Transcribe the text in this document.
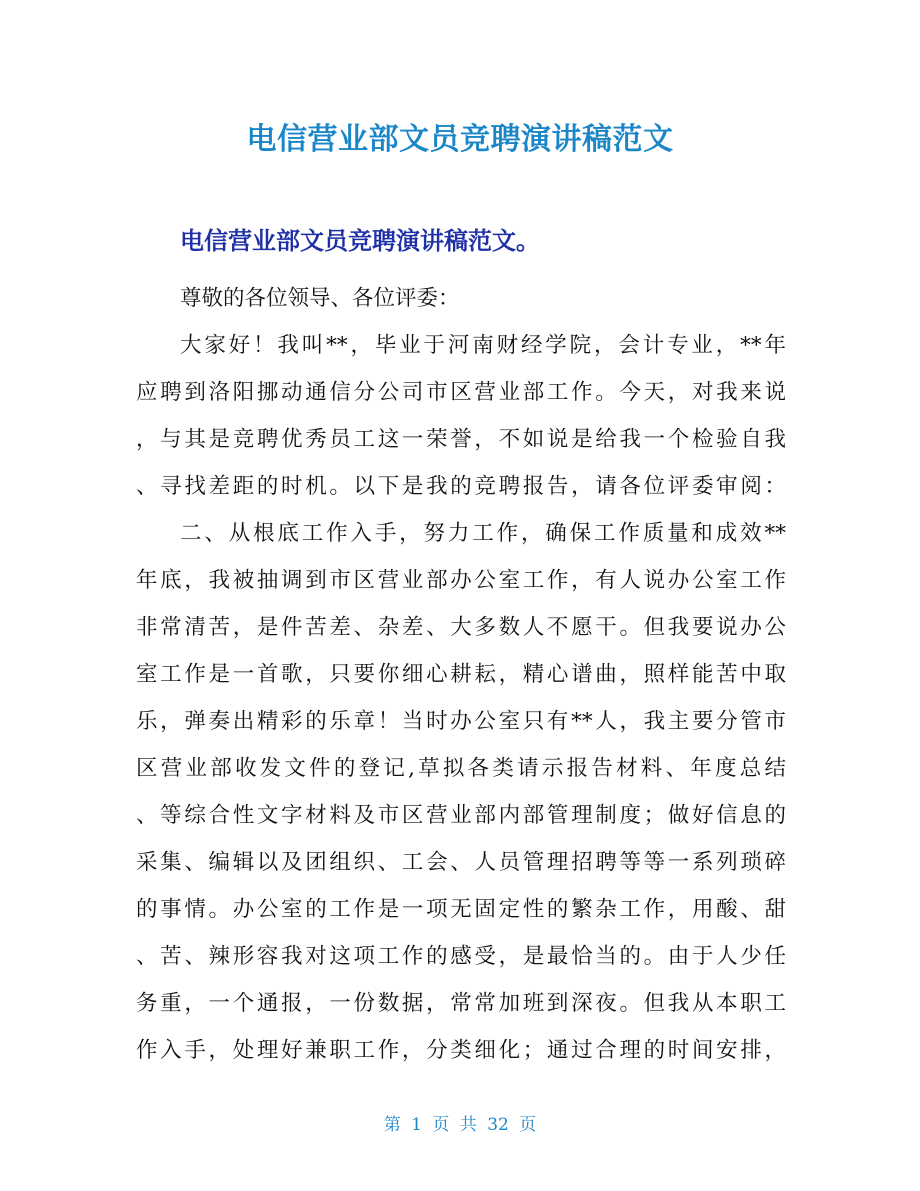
电信营业部文员竞聘演讲稿范文
电信营业部文员竞聘演讲稿范文。
尊敬的各位领导、各位评委：
大家好！我叫**，毕业于河南财经学院，会计专业，**年
应聘到洛阳挪动通信分公司市区营业部工作。今天，对我来说
，与其是竞聘优秀员工这一荣誉，不如说是给我一个检验自我
、寻找差距的时机。以下是我的竞聘报告，请各位评委审阅：
二、从根底工作入手，努力工作，确保工作质量和成效**
年底，我被抽调到市区营业部办公室工作，有人说办公室工作
非常清苦，是件苦差、杂差、大多数人不愿干。但我要说办公
室工作是一首歌，只要你细心耕耘，精心谱曲，照样能苦中取
乐，弹奏出精彩的乐章！当时办公室只有**人，我主要分管市
区营业部收发文件的登记,草拟各类请示报告材料、年度总结
、等综合性文字材料及市区营业部内部管理制度；做好信息的
采集、编辑以及团组织、工会、人员管理招聘等等一系列琐碎
的事情。办公室的工作是一项无固定性的繁杂工作，用酸、甜
、苦、辣形容我对这项工作的感受，是最恰当的。由于人少任
务重，一个通报，一份数据，常常加班到深夜。但我从本职工
作入手，处理好兼职工作，分类细化；通过合理的时间安排，

第 1 页 共 32 页
